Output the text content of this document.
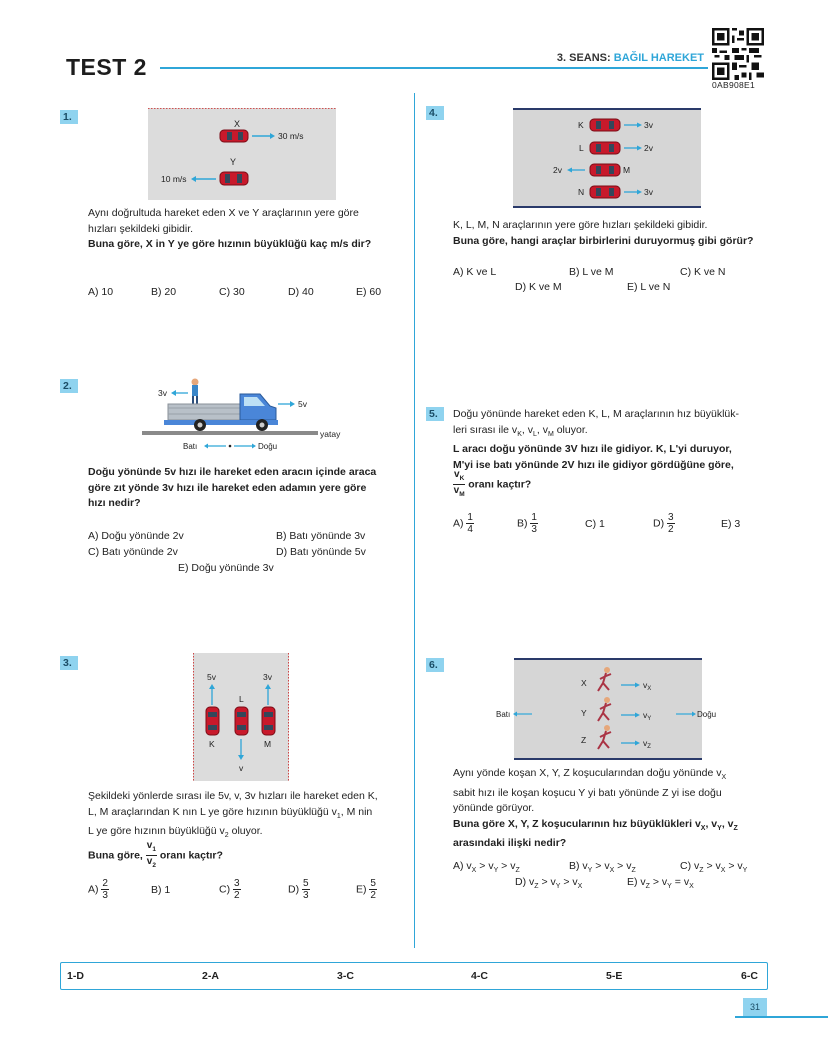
TEST 2	3. SEANS: BAĞIL HAREKET
0AB908E1
1.
X
30 m/s
Y
10 m/s
Aynı doğrultuda hareket eden X ve Y araçlarının yere göre
hızları şekildeki gibidir.
Buna göre, X in Y ye göre hızının büyüklüğü kaç m/s dir?
A) 10	B) 20	C) 30	D) 40	E) 60
2.
3v
5v
yatay
Batı	Doğu
Doğu yönünde 5v hızı ile hareket eden aracın içinde araca
göre zıt yönde 3v hızı ile hareket eden adamın yere göre
hızı nedir?
A) Doğu yönünde 2v	B) Batı yönünde 3v
C) Batı yönünde 2v	D) Batı yönünde 5v
E) Doğu yönünde 3v
3.
5v	3v
L
K	M
v
Şekildeki yönlerde sırası ile 5v, v, 3v hızları ile hareket eden K,
L, M araçlarından K nın L ye göre hızının büyüklüğü $v_1$, M nin
L ye göre hızının büyüklüğü $v_2$ oluyor.
Buna göre, $\frac{v_1}{v_2}$ oranı kaçtır?
$A) \frac{2}{3}$	B) 1	$C) \frac{3}{2}$	$D) \frac{5}{3}$	$E) \frac{5}{2}$
4.
K	3v
L	2v
2v	M
N	3v
K, L, M, N araçlarının yere göre hızları şekildeki gibidir.
Buna göre, hangi araçlar birbirlerini duruyormuş gibi görür?
A) K ve L	B) L ve M	C) K ve N
D) K ve M	E) L ve N
5.	Doğu yönünde hareket eden K, L, M araçlarının hız büyüklük-
leri sırası ile $v_K$, $v_L$, $v_M$ oluyor.
L aracı doğu yönünde 3V hızı ile gidiyor. K, L'yi duruyor,
M'yi ise batı yönünde 2V hızı ile gidiyor gördüğüne göre,
$\frac{v_K}{v_M}$ oranı kaçtır?
$A) \frac{1}{4}$	$B) \frac{1}{3}$	C) 1	$D) \frac{3}{2}$	E) 3
6.
Batı	Doğu
X	$v_X$
Y	$v_Y$
Z	$v_Z$
Aynı yönde koşan X, Y, Z koşucularından doğu yönünde $v_X$
sabit hızı ile koşan koşucu Y yi batı yönünde Z yi ise doğu
yönünde görüyor.
Buna göre X, Y, Z koşucularının hız büyüklükleri $v_X$, $v_Y$, $v_Z$
arasındaki ilişki nedir?
A) $v_X > v_Y > v_Z$	B) $v_Y > v_X > v_Z$	C) $v_Z > v_X > v_Y$
D) $v_Z > v_Y > v_X$	E) $v_Z > v_Y = v_X$
1-D	2-A	3-C	4-C	5-E	6-C
31
